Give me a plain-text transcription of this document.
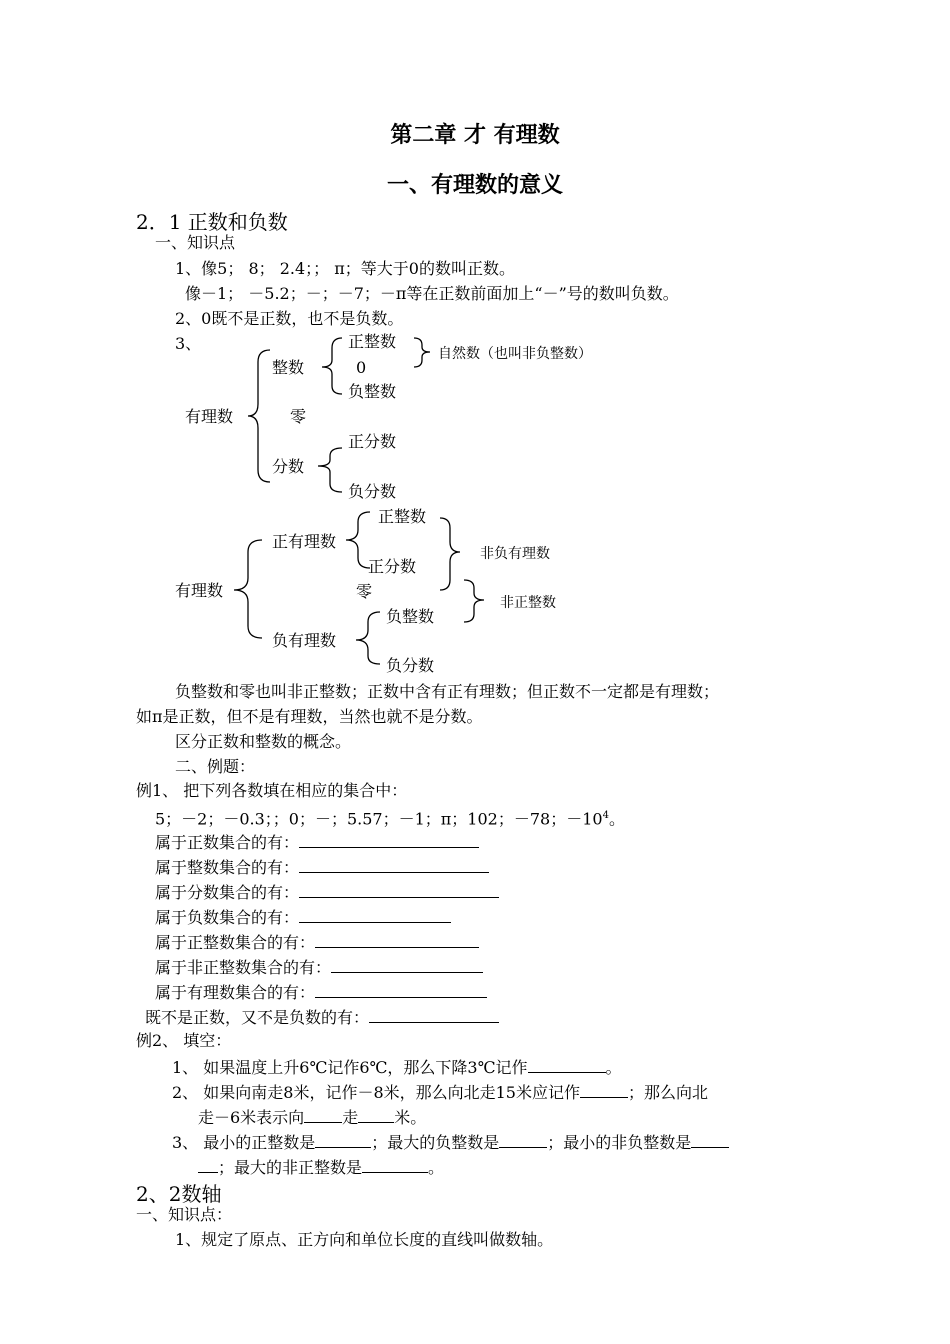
第二章 才 有理数
一、有理数的意义
2．1 正数和负数
一、知识点
1、像5； 8； 2.4；； π；等大于0的数叫正数。
像－1； －5.2；－；－7；－π等在正数前面加上“－”号的数叫负数。
2、0既不是正数，也不是负数。
3、
有理数
整数
正整数
0
负整数
自然数（也叫非负整数）
零
分数
正分数
负分数
有理数
正有理数
正整数
正分数
零
非负有理数
非正整数
负有理数
负整数
负分数
负整数和零也叫非正整数；正数中含有正有理数；但正数不一定都是有理数；
如π是正数，但不是有理数，当然也就不是分数。
区分正数和整数的概念。
二、例题：
例1、 把下列各数填在相应的集合中：
5；－2；－0.3；；0；－；5.57；－1；π；102；－78；$-10^4$。
属于正数集合的有：
属于整数集合的有：
属于分数集合的有：
属于负数集合的有：
属于正整数集合的有：
属于非正整数集合的有：
属于有理数集合的有：
既不是正数，又不是负数的有：
例2、 填空：
1、 如果温度上升6℃记作6℃，那么下降3℃记作	。
2、 如果向南走8米，记作－8米，那么向北走15米应记作	；那么向北
走－6米表示向 走 米。
3、 最小的正整数是	；最大的负整数是	；最小的非负整数是
；最大的非正整数是	。
2、2数轴
一、知识点：
1、规定了原点、正方向和单位长度的直线叫做数轴。
